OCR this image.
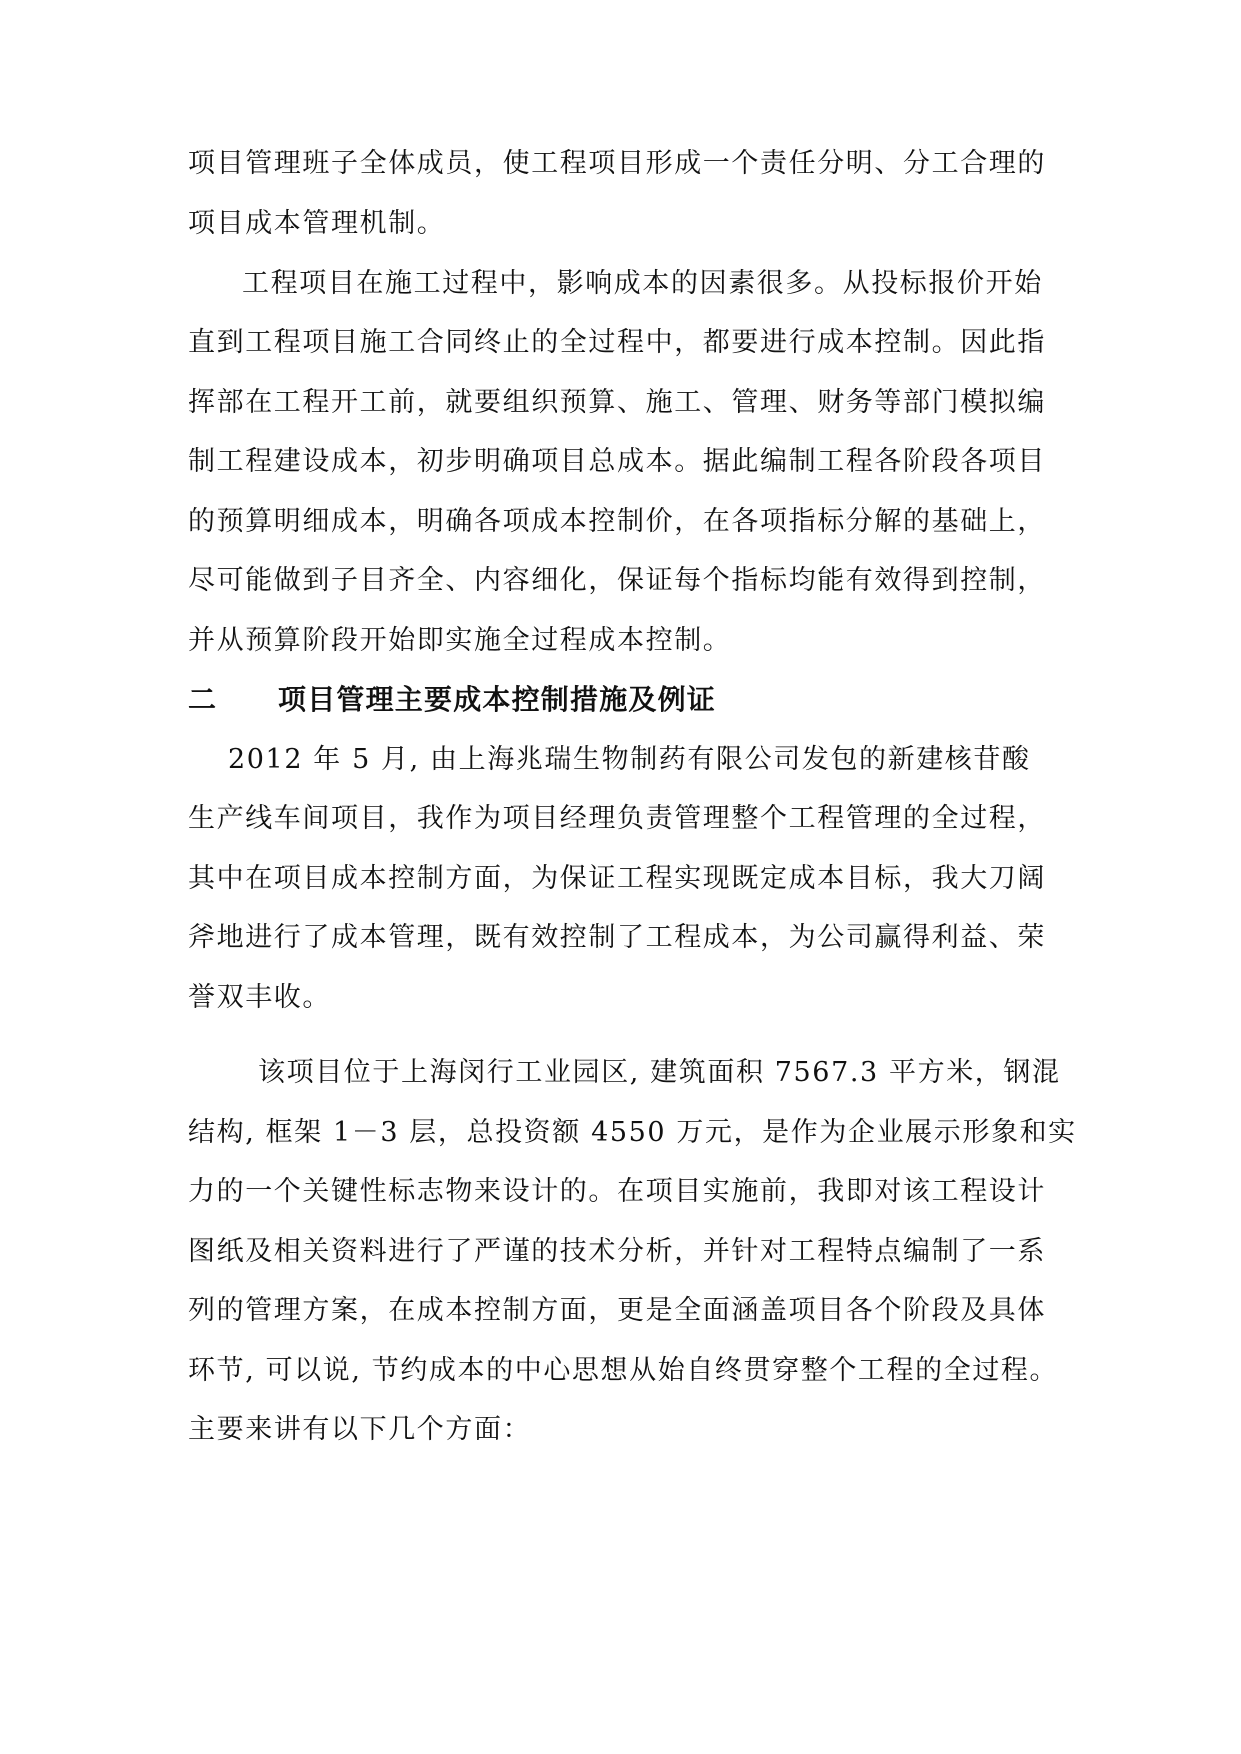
项目管理班子全体成员，使工程项目形成一个责任分明、分工合理的
项目成本管理机制。
工程项目在施工过程中，影响成本的因素很多。从投标报价开始
直到工程项目施工合同终止的全过程中，都要进行成本控制。因此指
挥部在工程开工前，就要组织预算、施工、管理、财务等部门模拟编
制工程建设成本，初步明确项目总成本。据此编制工程各阶段各项目
的预算明细成本，明确各项成本控制价，在各项指标分解的基础上，
尽可能做到子目齐全、内容细化，保证每个指标均能有效得到控制，
并从预算阶段开始即实施全过程成本控制。
二 项目管理主要成本控制措施及例证
2012 年 5 月, 由上海兆瑞生物制药有限公司发包的新建核苷酸
生产线车间项目，我作为项目经理负责管理整个工程管理的全过程，
其中在项目成本控制方面，为保证工程实现既定成本目标，我大刀阔
斧地进行了成本管理，既有效控制了工程成本，为公司赢得利益、荣
誉双丰收。
该项目位于上海闵行工业园区, 建筑面积 7567.3 平方米，钢混
结构, 框架 1－3 层，总投资额 4550 万元，是作为企业展示形象和实
力的一个关键性标志物来设计的。在项目实施前，我即对该工程设计
图纸及相关资料进行了严谨的技术分析，并针对工程特点编制了一系
列的管理方案，在成本控制方面，更是全面涵盖项目各个阶段及具体
环节, 可以说, 节约成本的中心思想从始自终贯穿整个工程的全过程。
主要来讲有以下几个方面：
